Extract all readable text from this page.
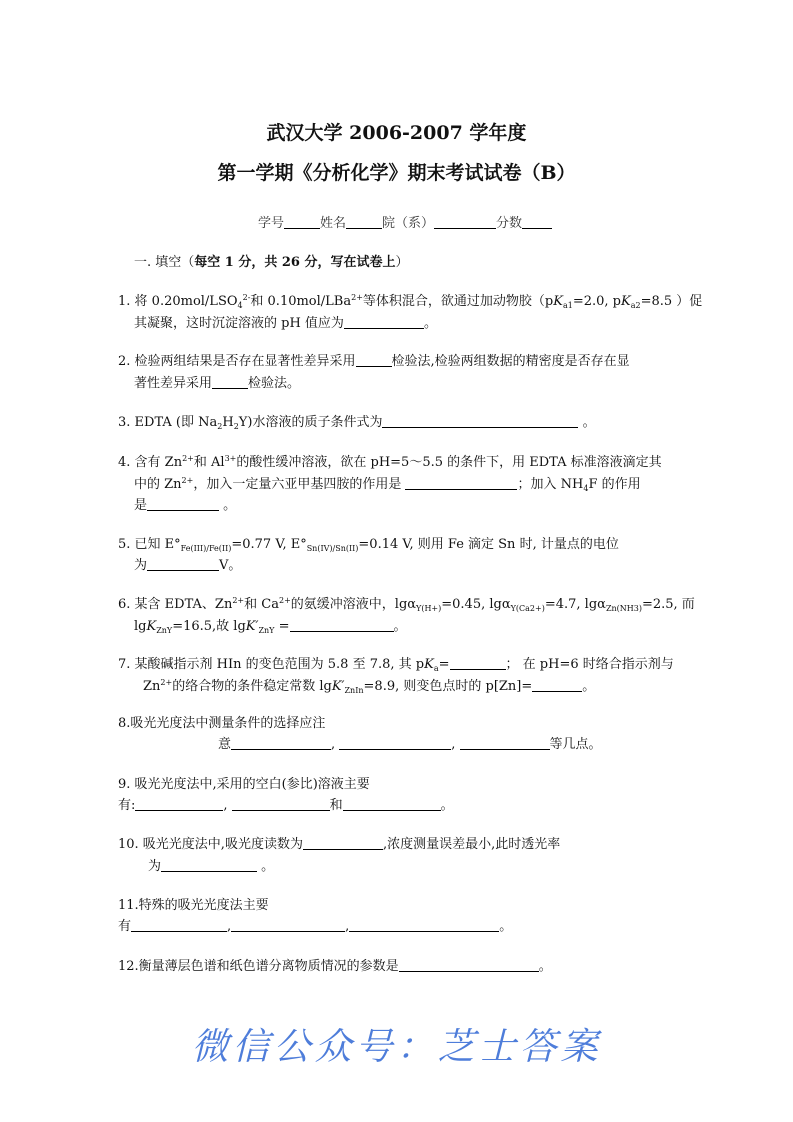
武汉大学 2006-2007 学年度
第一学期《分析化学》期末考试试卷（B）
学号	姓名	院（系）	分数
一. 填空（每空 1 分，共 26 分，写在试卷上）
1. 将 $0.20mol/LSO_4^{2-}$和 0.10mol/LBa$^{2+}$等体积混合，欲通过加动物胶（$pK_{a1}=2.0$, $pK_{a2}=8.5$ ）促
其凝聚，这时沉淀溶液的 pH 值应为	。
2. 检验两组结果是否存在显著性差异采用	检验法,检验两组数据的精密度是否存在显
著性差异采用	检验法。
3. EDTA (即 $Na_2H_2Y$)水溶液的质子条件式为	。
4. 含有 $Zn^{2+}$和 $Al^{3+}$的酸性缓冲溶液，欲在 pH=5～5.5 的条件下，用 EDTA 标准溶液滴定其
中的 $Zn^{2+}$，加入一定量六亚甲基四胺的作用是	；加入 $NH_4F$ 的作用
是	。
5. 已知 $E^\circ_{Fe(III)/Fe(II)}=0.77$ V, $E^\circ_{Sn(IV)/Sn(II)}=0.14$ V, 则用 Fe 滴定 Sn 时, 计量点的电位
为	V。
6. 某含 EDTA、$Zn^{2+}$和 $Ca^{2+}$的氨缓冲溶液中，lgα$_{Y(H+)}$=0.45, lgα$_{Y(Ca2+)}$=4.7, lgα$_{Zn(NH3)}$=2.5, 而
lgK$_{ZnY}$=16.5,故 $\lg K'_{ZnY}$ =	。
7. 某酸碱指示剂 HIn 的变色范围为 5.8 至 7.8, 其 $pK_a=$	； 在 pH=6 时络合指示剂与
$Zn^{2+}$的络合物的条件稳定常数 $\lg K'_{ZnIn}=8.9$, 则变色点时的 p[Zn]=	。
8.吸光光度法中测量条件的选择应注
意	,	,	等几点。
9. 吸光光度法中,采用的空白(参比)溶液主要
有:	,	和	。
10. 吸光光度法中,吸光度读数为	,浓度测量误差最小,此时透光率
为	。
11.特殊的吸光光度法主要
有	,	,	。
12.衡量薄层色谱和纸色谱分离物质情况的参数是	。
微信公众号：芝士答案
